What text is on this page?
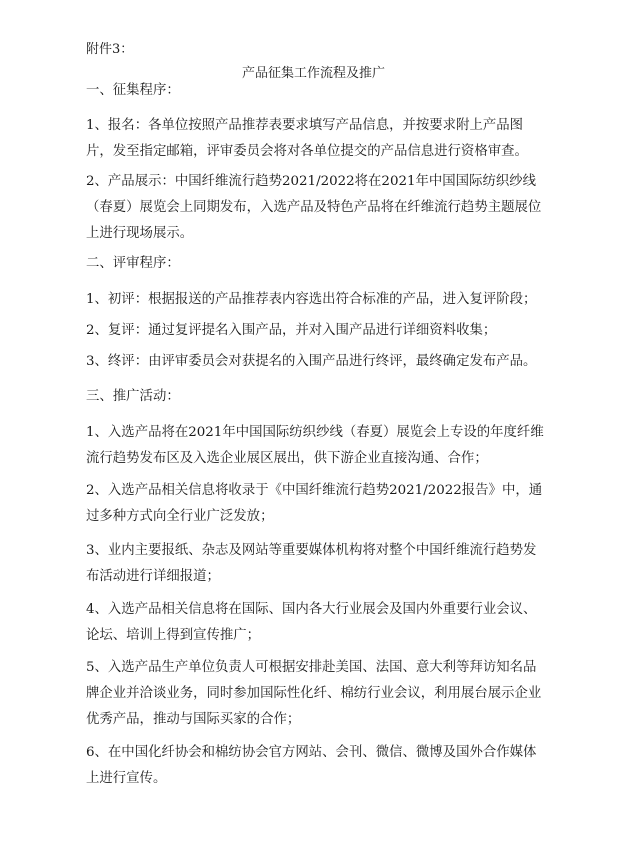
附件3：
产品征集工作流程及推广

一、征集程序：

1、报名：各单位按照产品推荐表要求填写产品信息，并按要求附上产品图片，发至指定邮箱，评审委员会将对各单位提交的产品信息进行资格审查。

2、产品展示：中国纤维流行趋势2021/2022将在2021年中国国际纺织纱线（春夏）展览会上同期发布，入选产品及特色产品将在纤维流行趋势主题展位上进行现场展示。

二、评审程序：

1、初评：根据报送的产品推荐表内容选出符合标准的产品，进入复评阶段；

2、复评：通过复评提名入围产品，并对入围产品进行详细资料收集；

3、终评：由评审委员会对获提名的入围产品进行终评，最终确定发布产品。

三、推广活动：

1、入选产品将在2021年中国国际纺织纱线（春夏）展览会上专设的年度纤维流行趋势发布区及入选企业展区展出，供下游企业直接沟通、合作；

2、入选产品相关信息将收录于《中国纤维流行趋势2021/2022报告》中，通过多种方式向全行业广泛发放；

3、业内主要报纸、杂志及网站等重要媒体机构将对整个中国纤维流行趋势发布活动进行详细报道；

4、入选产品相关信息将在国际、国内各大行业展会及国内外重要行业会议、论坛、培训上得到宣传推广；

5、入选产品生产单位负责人可根据安排赴美国、法国、意大利等拜访知名品牌企业并洽谈业务，同时参加国际性化纤、棉纺行业会议，利用展台展示企业优秀产品，推动与国际买家的合作；

6、在中国化纤协会和棉纺协会官方网站、会刊、微信、微博及国外合作媒体上进行宣传。
